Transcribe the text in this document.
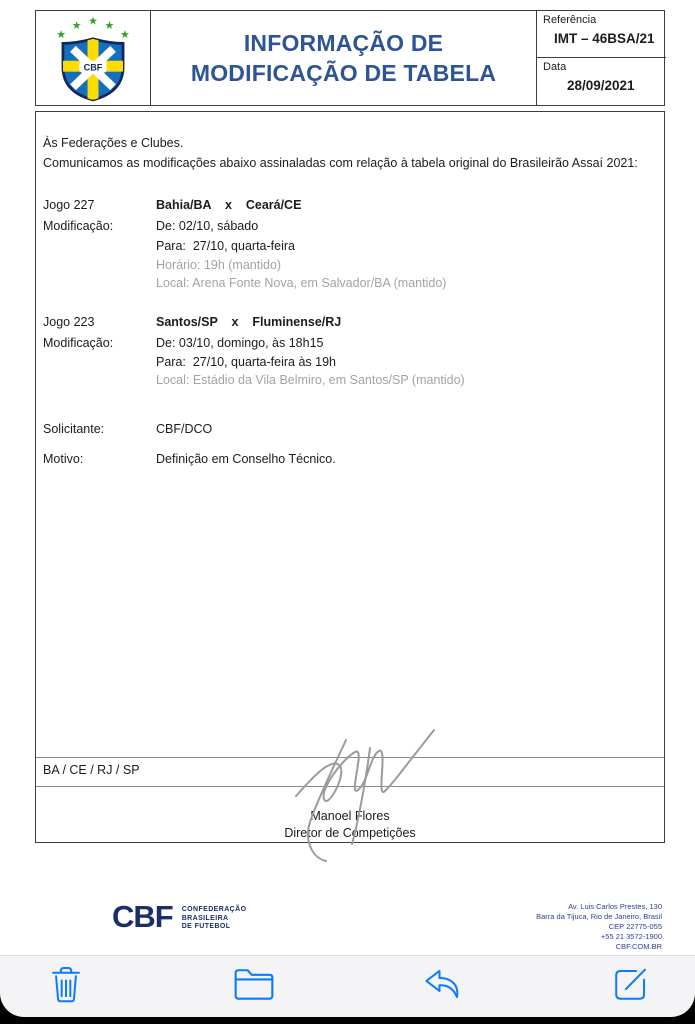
★
★ ★ ★
★
CBF
INFORMAÇÃO DE
MODIFICAÇÃO DE TABELA
Referência
IMT – 46BSA/21
Data
28/09/2021
Às Federações e Clubes.
Comunicamos as modificações abaixo assinaladas com relação à tabela original do Brasileirão Assaí 2021:
Jogo 227	Bahia/BA    x    Ceará/CE
Modificação:	De: 02/10, sábado
Para:  27/10, quarta-feira
Horário: 19h (mantido)
Local: Arena Fonte Nova, em Salvador/BA (mantido)
Jogo 223	Santos/SP    x    Fluminense/RJ
Modificação:	De: 03/10, domingo, às 18h15
Para:  27/10, quarta-feira às 19h
Local: Estádio da Vila Belmiro, em Santos/SP (mantido)
Solicitante:	CBF/DCO
Motivo:	Definição em Conselho Técnico.
BA / CE / RJ / SP
Manoel Flores
Diretor de Competições
CBF CONFEDERAÇÃO
BRASILEIRA
DE FUTEBOL
Av. Luis Carlos Prestes, 130
Barra da Tijuca, Rio de Janeiro, Brasil
CEP 22775-055
+55 21 3572-1900
CBF.COM.BR
